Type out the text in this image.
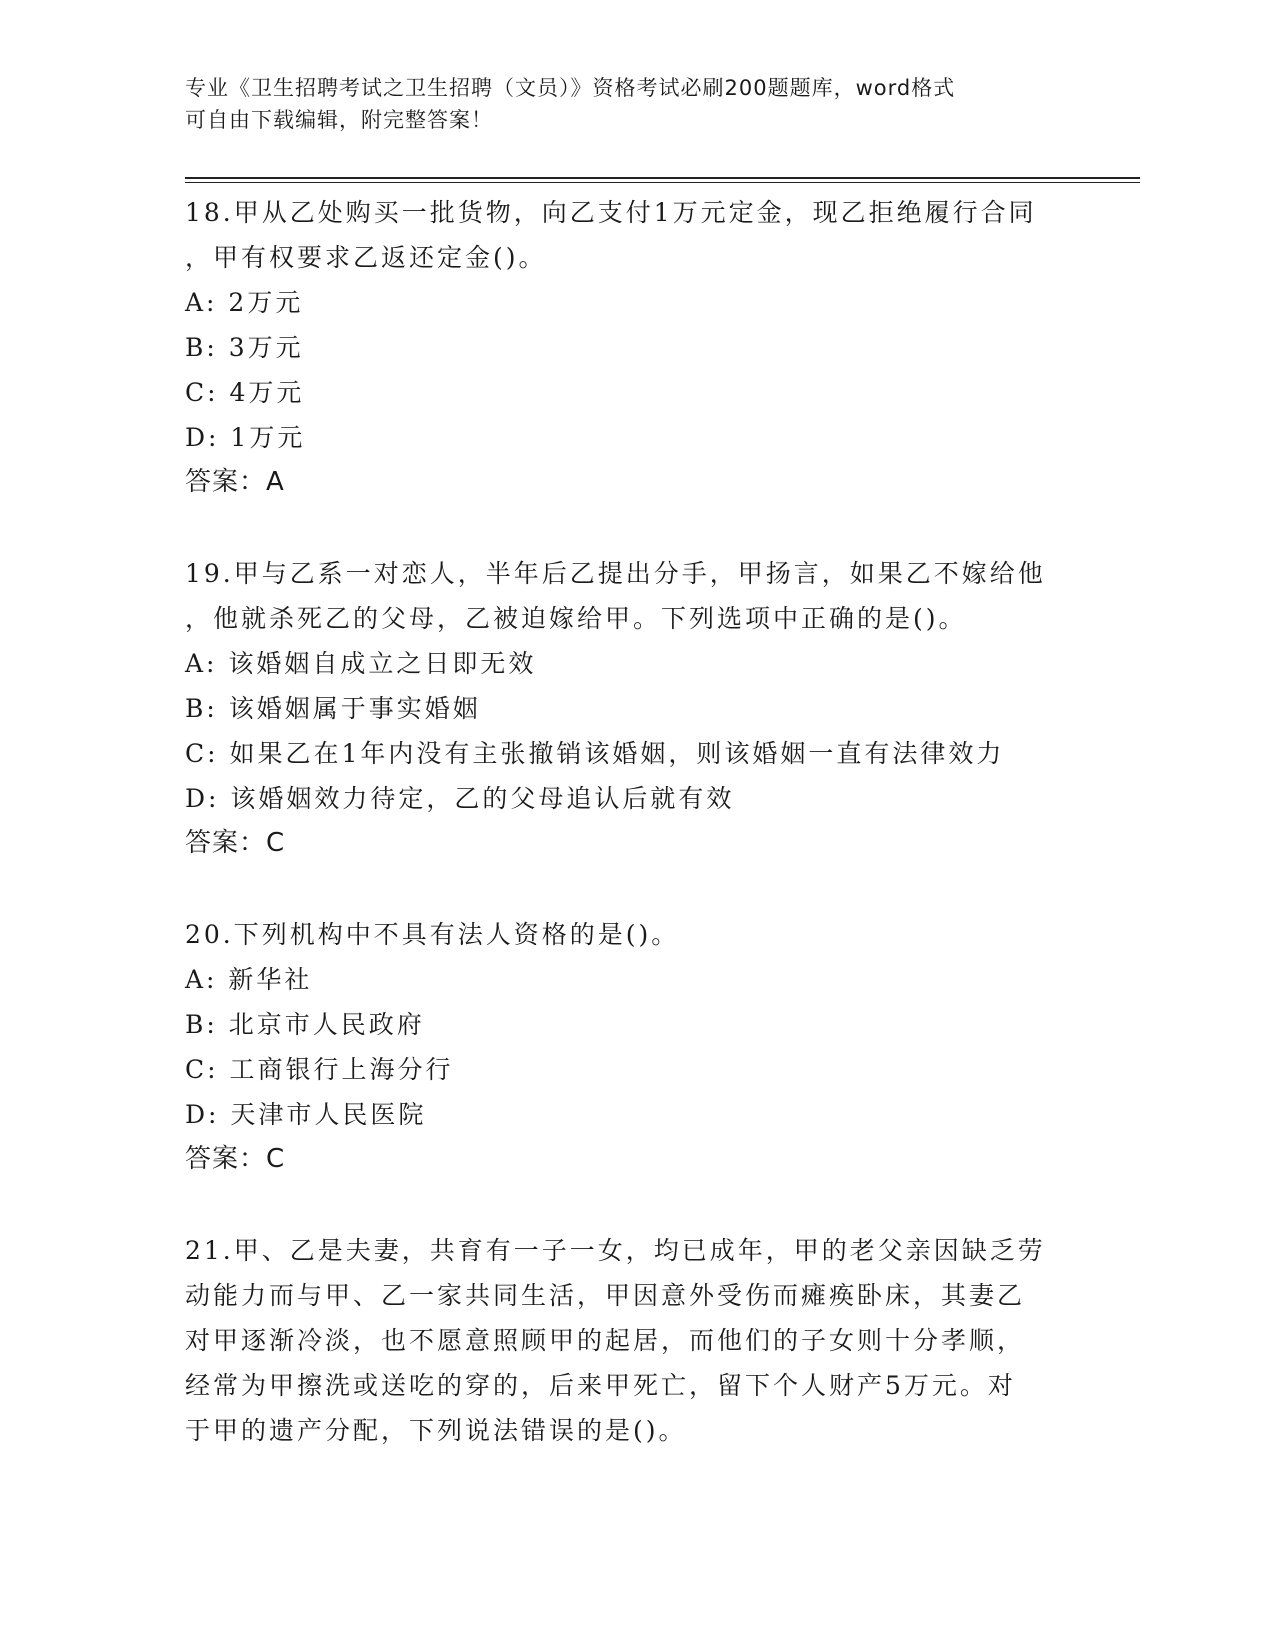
专业《卫生招聘考试之卫生招聘（文员）》资格考试必刷200题题库，word格式
可自由下载编辑，附完整答案！
18.甲从乙处购买一批货物，向乙支付1万元定金，现乙拒绝履行合同
，甲有权要求乙返还定金()。
A: 2万元
B: 3万元
C: 4万元
D: 1万元
答案：A
19.甲与乙系一对恋人，半年后乙提出分手，甲扬言，如果乙不嫁给他
，他就杀死乙的父母，乙被迫嫁给甲。下列选项中正确的是()。
A: 该婚姻自成立之日即无效
B: 该婚姻属于事实婚姻
C: 如果乙在1年内没有主张撤销该婚姻，则该婚姻一直有法律效力
D: 该婚姻效力待定，乙的父母追认后就有效
答案：C
20.下列机构中不具有法人资格的是()。
A: 新华社
B: 北京市人民政府
C: 工商银行上海分行
D: 天津市人民医院
答案：C
21.甲、乙是夫妻，共育有一子一女，均已成年，甲的老父亲因缺乏劳
动能力而与甲、乙一家共同生活，甲因意外受伤而瘫痪卧床，其妻乙
对甲逐渐冷淡，也不愿意照顾甲的起居，而他们的子女则十分孝顺，
经常为甲擦洗或送吃的穿的，后来甲死亡，留下个人财产5万元。对
于甲的遗产分配，下列说法错误的是()。
